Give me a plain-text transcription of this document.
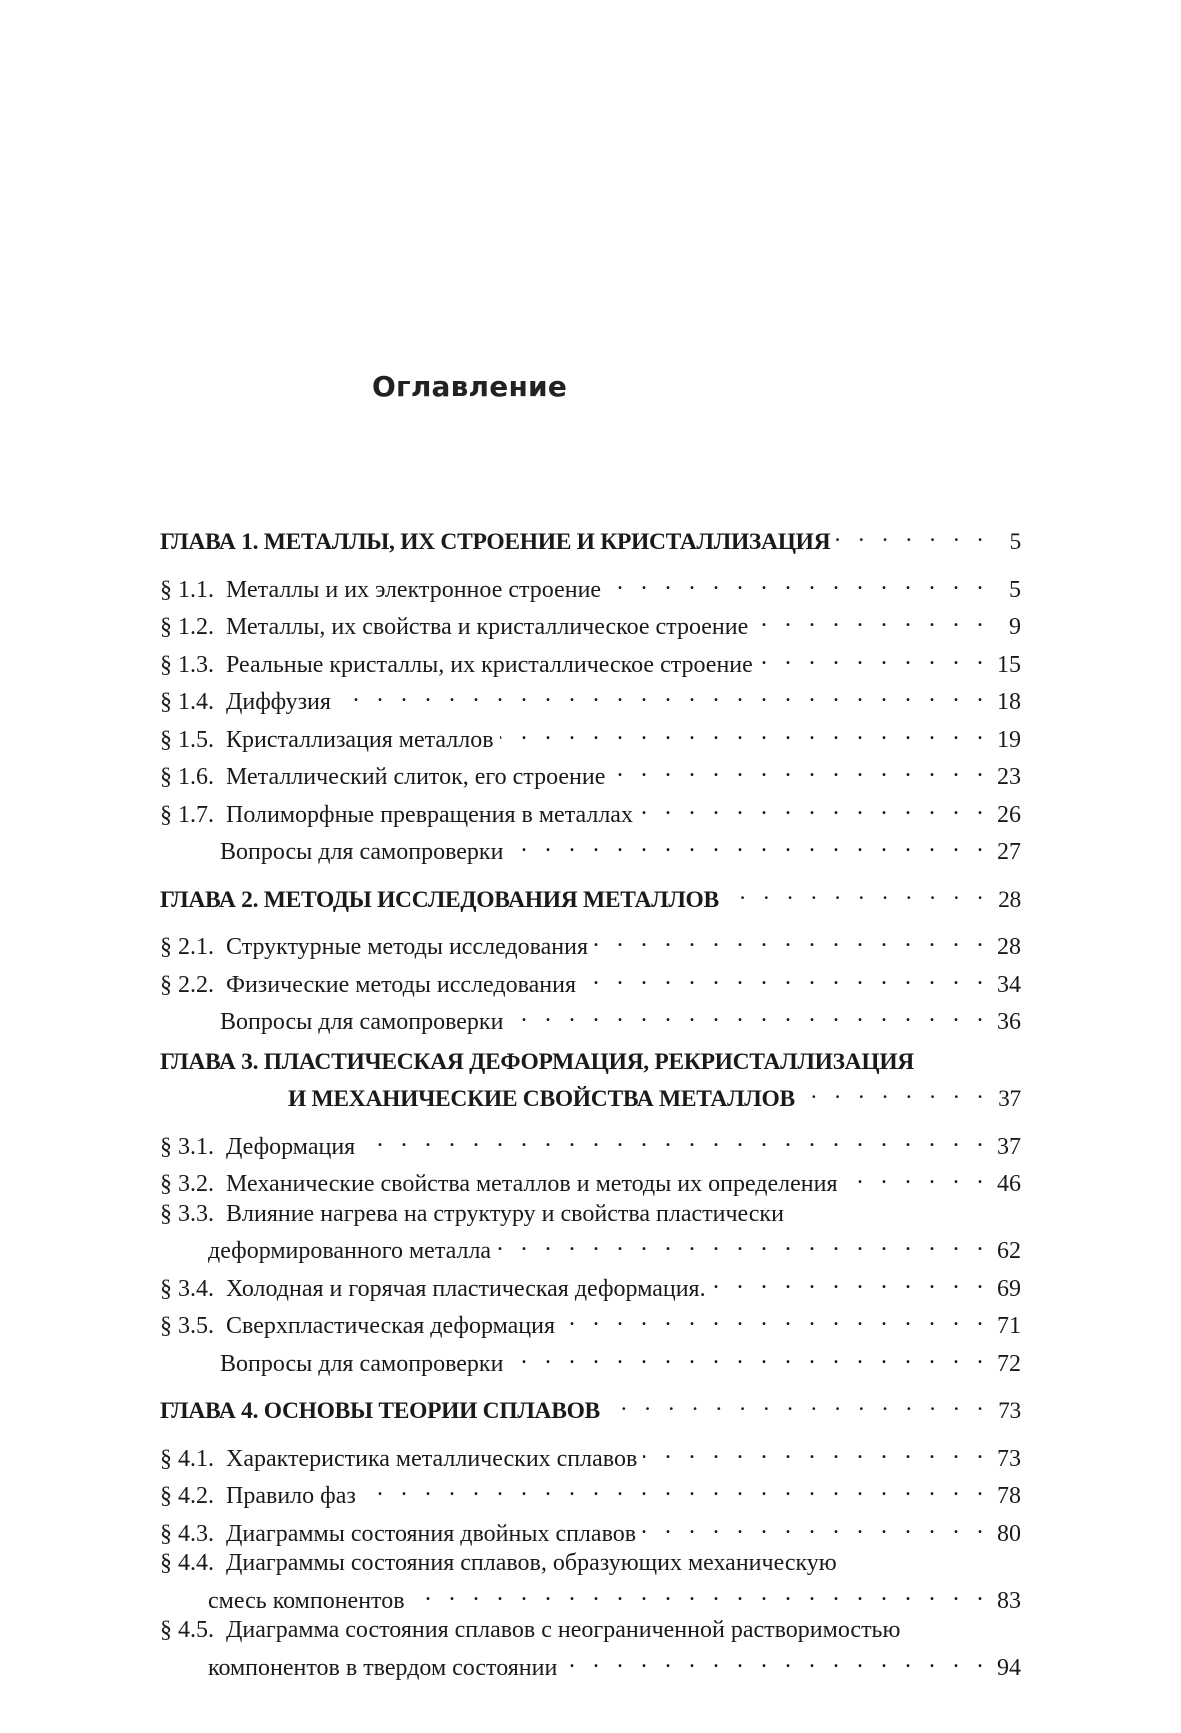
Оглавление
ГЛАВА 1. МЕТАЛЛЫ, ИХ СТРОЕНИЕ И КРИСТАЛЛИЗАЦИЯ . . .	5
§ 1.1. Металлы и их электронное строение . . .	5
§ 1.2. Металлы, их свойства и кристаллическое строение . . .	9
§ 1.3. Реальные кристаллы, их кристаллическое строение . . .	15
§ 1.4. Диффузия . . .	18
§ 1.5. Кристаллизация металлов . . .	19
§ 1.6. Металлический слиток, его строение . . .	23
§ 1.7. Полиморфные превращения в металлах . . .	26
Вопросы для самопроверки . . .	27
ГЛАВА 2. МЕТОДЫ ИССЛЕДОВАНИЯ МЕТАЛЛОВ . . .	28
§ 2.1. Структурные методы исследования . . .	28
§ 2.2. Физические методы исследования . . .	34
Вопросы для самопроверки . . .	36
ГЛАВА 3. ПЛАСТИЧЕСКАЯ ДЕФОРМАЦИЯ, РЕКРИСТАЛЛИЗАЦИЯ
И МЕХАНИЧЕСКИЕ СВОЙСТВА МЕТАЛЛОВ . . .	37
§ 3.1. Деформация . . .	37
§ 3.2. Механические свойства металлов и методы их определения . . .	46
§ 3.3. Влияние нагрева на структуру и свойства пластически
деформированного металла . . .	62
§ 3.4. Холодная и горячая пластическая деформация. . . .	69
§ 3.5. Сверхпластическая деформация . . .	71
Вопросы для самопроверки . . .	72
ГЛАВА 4. ОСНОВЫ ТЕОРИИ СПЛАВОВ . . .	73
§ 4.1. Характеристика металлических сплавов . . .	73
§ 4.2. Правило фаз . . .	78
§ 4.3. Диаграммы состояния двойных сплавов . . .	80
§ 4.4. Диаграммы состояния сплавов, образующих механическую
смесь компонентов . . .	83
§ 4.5. Диаграмма состояния сплавов с неограниченной растворимостью
компонентов в твердом состоянии . . .	94
